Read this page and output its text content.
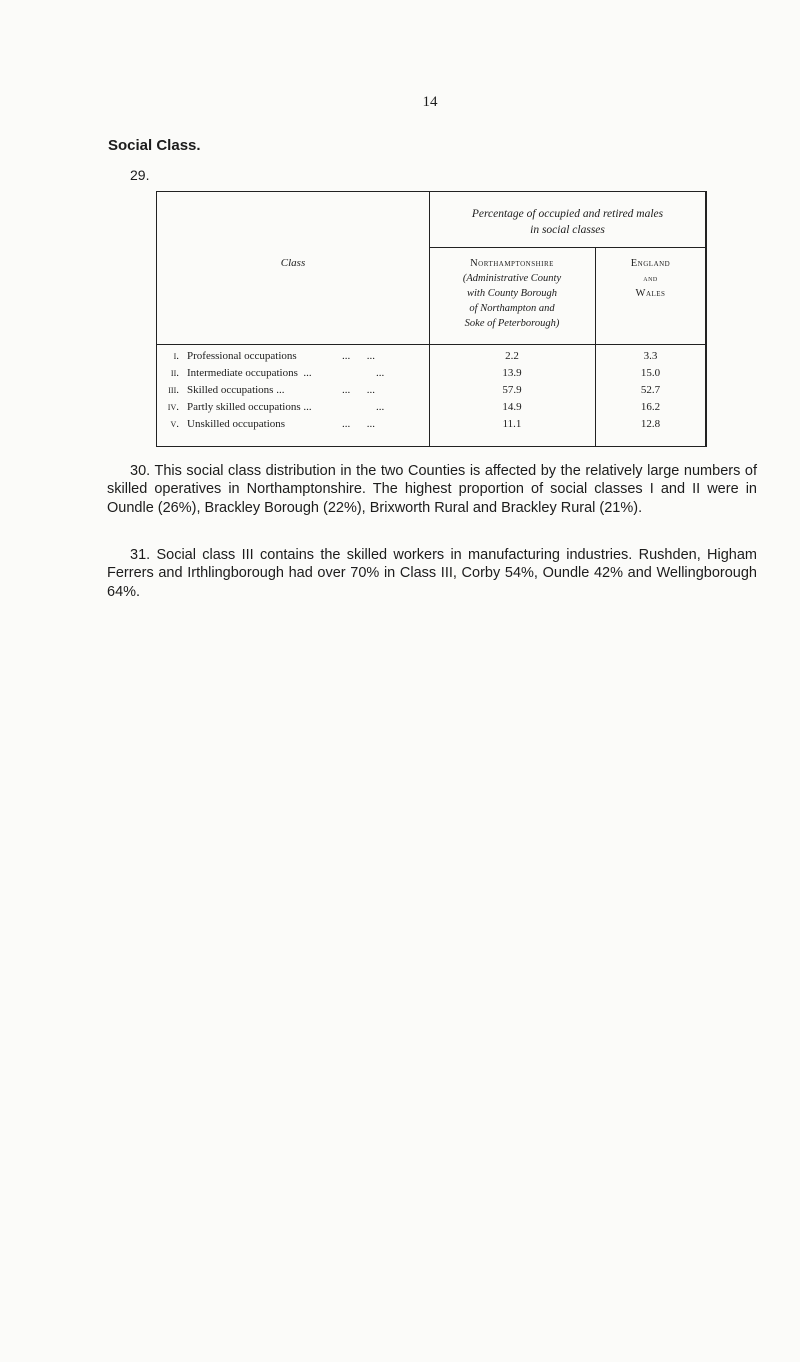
14
Social Class.
29.
Class
Percentage of occupied and retired males
in social classes
Northamptonshire
(Administrative County
with County Borough
of Northampton and
Soke of Peterborough)
England
and
Wales
i. Professional occupations	...      ...	2.2	3.3
ii. Intermediate occupations  ...	...	13.9	15.0
iii. Skilled occupations ...	...      ...	57.9	52.7
iv. Partly skilled occupations ...	...	14.9	16.2
v. Unskilled occupations	...      ...	11.1	12.8
30. This social class distribution in the two Counties is affected by the relatively large numbers of skilled operatives in Northamptonshire. The highest proportion of social classes I and II were in Oundle (26%), Brackley Borough (22%), Brixworth Rural and Brackley Rural (21%).
31. Social class III contains the skilled workers in manufacturing industries. Rushden, Higham Ferrers and Irthlingborough had over 70% in Class III, Corby 54%, Oundle 42% and Wellingborough 64%.
